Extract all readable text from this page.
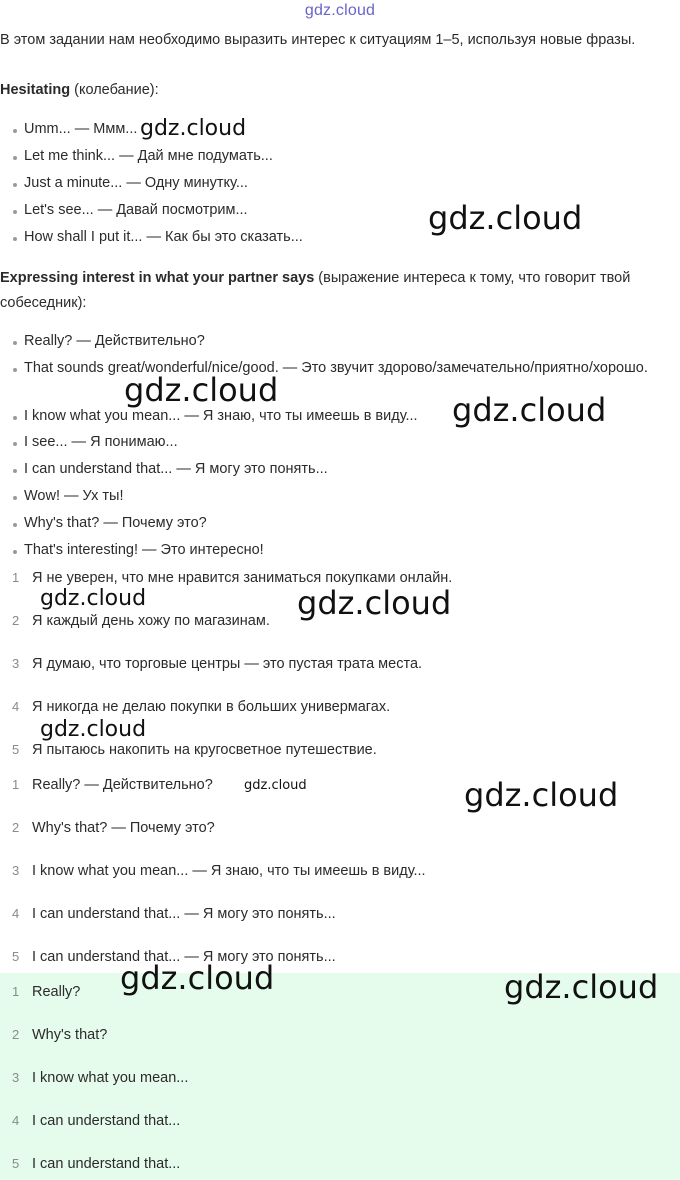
gdz.cloud
В этом задании нам необходимо выразить интерес к ситуациям 1–5, используя новые фразы.
Hesitating (колебание):
Umm... — Ммм...
Let me think... — Дай мне подумать...
Just a minute... — Одну минутку...
Let's see... — Давай посмотрим...
How shall I put it... — Как бы это сказать...
Expressing interest in what your partner says (выражение интереса к тому, что говорит твой собеседник):
Really? — Действительно?
That sounds great/wonderful/nice/good. — Это звучит здорово/замечательно/приятно/хорошо.
I know what you mean... — Я знаю, что ты имеешь в виду...
I see... — Я понимаю...
I can understand that... — Я могу это понять...
Wow! — Ух ты!
Why's that? — Почему это?
That's interesting! — Это интересно!
1 Я не уверен, что мне нравится заниматься покупками онлайн.
2 Я каждый день хожу по магазинам.
3 Я думаю, что торговые центры — это пустая трата места.
4 Я никогда не делаю покупки в больших универмагах.
5 Я пытаюсь накопить на кругосветное путешествие.
1 Really? — Действительно?
2 Why's that? — Почему это?
3 I know what you mean... — Я знаю, что ты имеешь в виду...
4 I can understand that... — Я могу это понять...
5 I can understand that... — Я могу это понять...
1 Really?
2 Why's that?
3 I know what you mean...
4 I can understand that...
5 I can understand that...
gdz.cloud
gdz.cloud
gdz.cloud
gdz.cloud
gdz.cloud	gdz.cloud
gdz.cloud
gdz.cloud	gdz.cloud
gdz.cloud	gdz.cloud
